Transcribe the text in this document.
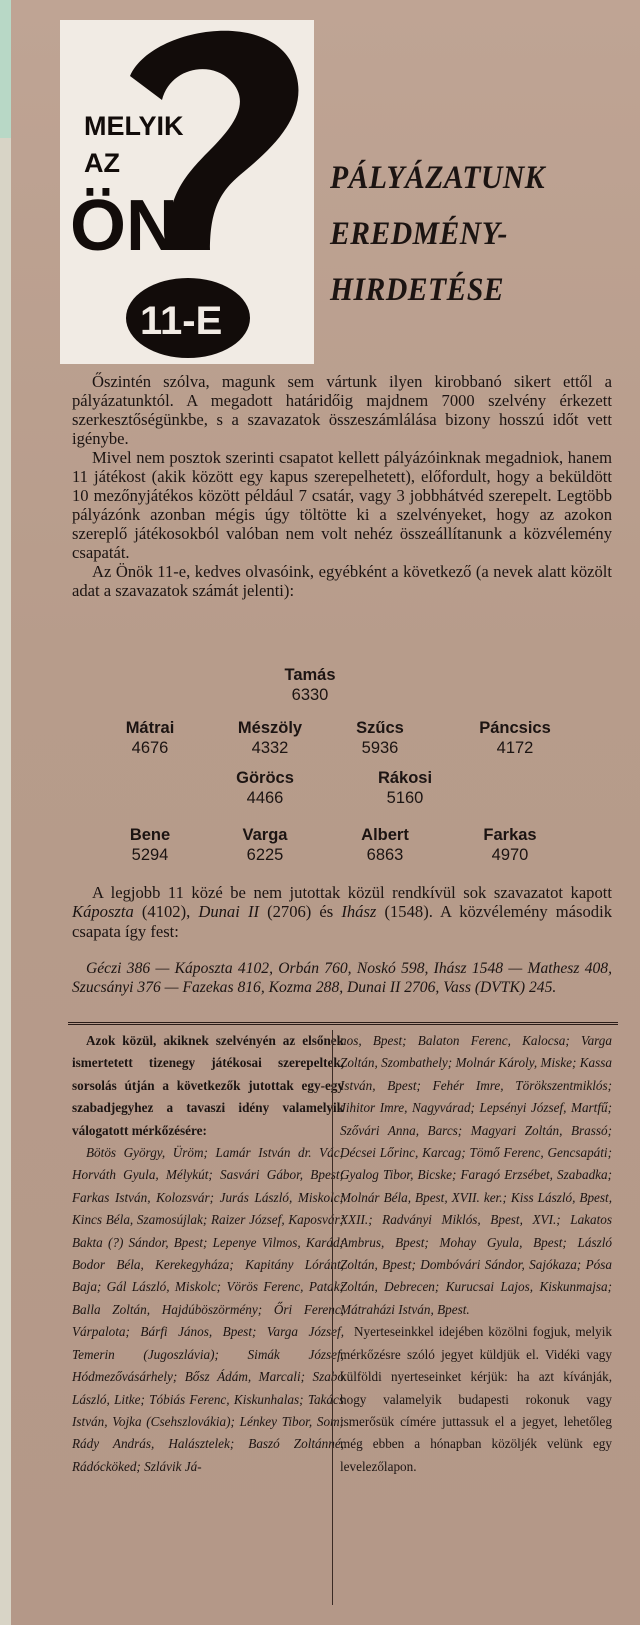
MELYIK
AZ
ÖN
11-E
PÁLYÁZATUNK
EREDMÉNY-
HIRDETÉSE

Őszintén szólva, magunk sem vártunk ilyen kirobbanó sikert ettől a pályázatunktól. A megadott határidőig majdnem 7000 szelvény érkezett szerkesztőségünkbe, s a szavazatok összeszámlálása bizony hosszú időt vett igénybe.

Mivel nem posztok szerinti csapatot kellett pályázóinknak megadniok, hanem 11 játékost (akik között egy kapus szerepelhetett), előfordult, hogy a beküldött 10 mezőnyjátékos között például 7 csatár, vagy 3 jobbhátvéd szerepelt. Legtöbb pályázónk azonban mégis úgy töltötte ki a szelvényeket, hogy az azokon szereplő játékosokból valóban nem volt nehéz összeállítanunk a közvélemény csapatát.

Az Önök 11-e, kedves olvasóink, egyébként a következő (a nevek alatt közölt adat a szavazatok számát jelenti):

Tamás
6330
Mátrai
4676
Mészöly
4332
Szűcs
5936
Páncsics
4172
Göröcs
4466
Rákosi
5160
Bene
5294
Varga
6225
Albert
6863
Farkas
4970

A legjobb 11 közé be nem jutottak közül rendkívül sok szavazatot kapott Káposzta (4102), Dunai II (2706) és Ihász (1548). A közvélemény második csapata így fest:

Géczi 386 — Káposzta 4102, Orbán 760, Noskó 598, Ihász 1548 — Mathesz 408, Szucsányi 376 — Fazekas 816, Kozma 288, Dunai II 2706, Vass (DVTK) 245.

Azok közül, akiknek szelvényén az elsőnek ismertetett tizenegy játékosai szerepeltek, sorsolás útján a következők jutottak egy-egy szabadjegyhez a tavaszi idény valamelyik válogatott mérkőzésére:

Bötös György, Üröm; Lamár István dr. Vác; Horváth Gyula, Mélykút; Sasvári Gábor, Bpest; Farkas István, Kolozsvár; Jurás László, Miskolc; Kincs Béla, Szamosújlak; Raizer József, Kaposvár; Bakta (?) Sándor, Bpest; Lepenye Vilmos, Karád; Bodor Béla, Kerekegyháza; Kapitány Lóránt, Baja; Gál László, Miskolc; Vörös Ferenc, Patak; Balla Zoltán, Hajdúböszörmény; Őri Ferenc, Várpalota; Bárfi János, Bpest; Varga József, Temerin (Jugoszlávia); Simák József, Hódmezővásárhely; Bősz Ádám, Marcali; Szabó László, Litke; Tóbiás Ferenc, Kiskunhalas; Takács István, Vojka (Csehszlovákia); Lénkey Tibor, Som; Rády András, Halásztelek; Baszó Zoltánné, Rádócköked; Szlávik Já-

nos, Bpest; Balaton Ferenc, Kalocsa; Varga Zoltán, Szombathely; Molnár Károly, Miske; Kassa István, Bpest; Fehér Imre, Törökszentmiklós; Jihitor Imre, Nagyvárad; Lepsényi József, Martfű; Szővári Anna, Barcs; Magyari Zoltán, Brassó; Décsei Lőrinc, Karcag; Tömő Ferenc, Gencsapáti; Gyalog Tibor, Bicske; Faragó Erzsébet, Szabadka; Molnár Béla, Bpest, XVII. ker.; Kiss László, Bpest, XXII.; Radványi Miklós, Bpest, XVI.; Lakatos Ambrus, Bpest; Mohay Gyula, Bpest; László Zoltán, Bpest; Dombóvári Sándor, Sajókaza; Pósa Zoltán, Debrecen; Kurucsai Lajos, Kiskunmajsa; Mátraházi István, Bpest.

Nyerteseinkkel idejében közölni fogjuk, melyik mérkőzésre szóló jegyet küldjük el. Vidéki vagy külföldi nyerteseinket kérjük: ha azt kívánják, hogy valamelyik budapesti rokonuk vagy ismerősük címére juttassuk el a jegyet, lehetőleg még ebben a hónapban közöljék velünk egy levelezőlapon.
